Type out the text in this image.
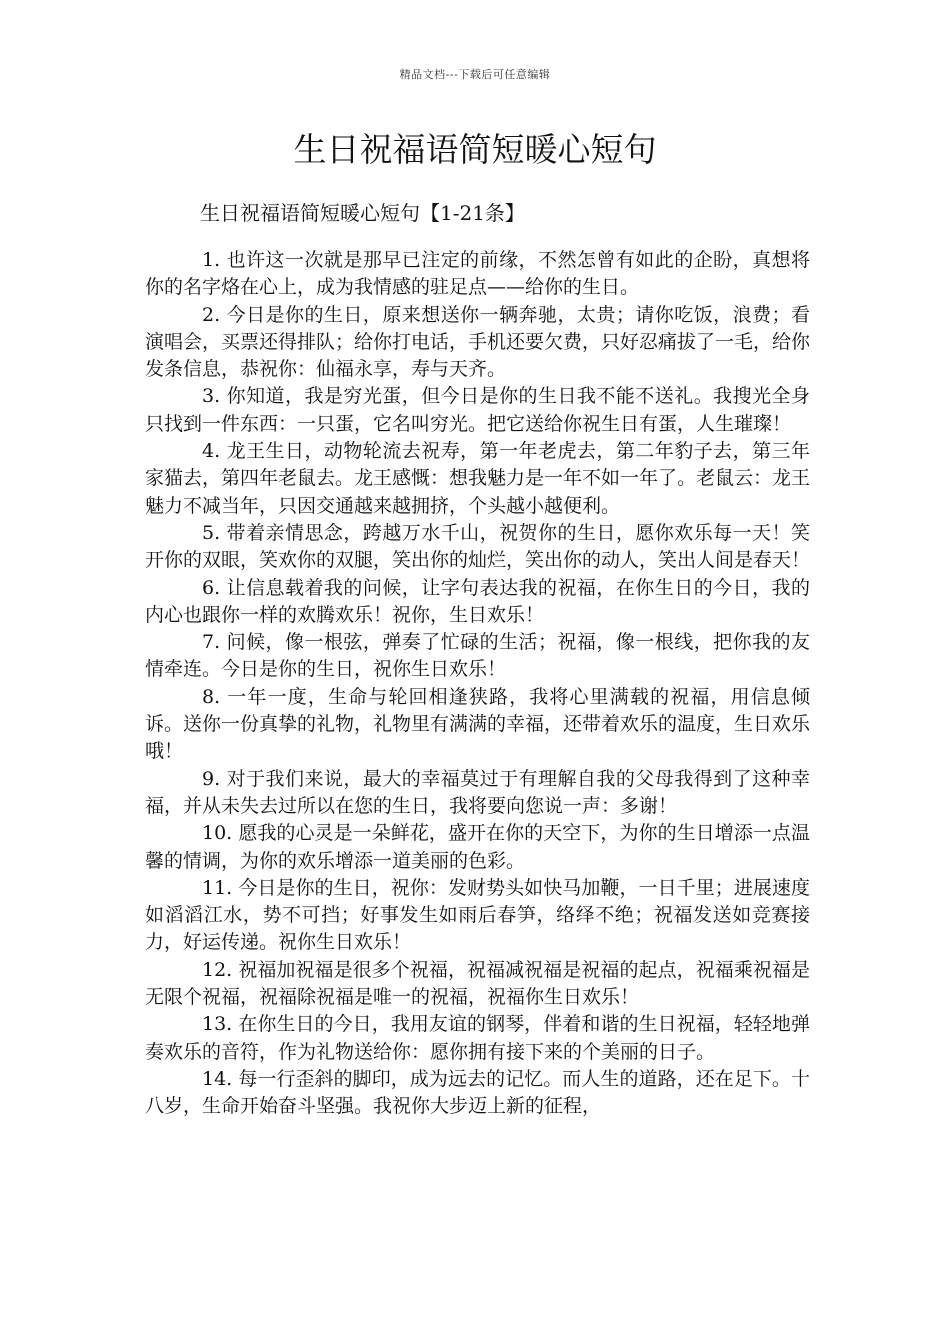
精品文档---下载后可任意编辑
生日祝福语简短暖心短句
生日祝福语简短暖心短句【1-21条】

1. 也许这一次就是那早已注定的前缘，不然怎曾有如此的企盼，真想将你的名字烙在心上，成为我情感的驻足点——给你的生日。

2. 今日是你的生日，原来想送你一辆奔驰，太贵；请你吃饭，浪费；看演唱会，买票还得排队；给你打电话，手机还要欠费，只好忍痛拔了一毛，给你发条信息，恭祝你：仙福永享，寿与天齐。

3. 你知道，我是穷光蛋，但今日是你的生日我不能不送礼。我搜光全身只找到一件东西：一只蛋，它名叫穷光。把它送给你祝生日有蛋，人生璀璨！

4. 龙王生日，动物轮流去祝寿，第一年老虎去，第二年豹子去，第三年家猫去，第四年老鼠去。龙王感慨：想我魅力是一年不如一年了。老鼠云：龙王魅力不减当年，只因交通越来越拥挤，个头越小越便利。

5. 带着亲情思念，跨越万水千山，祝贺你的生日，愿你欢乐每一天！笑开你的双眼，笑欢你的双腿，笑出你的灿烂，笑出你的动人，笑出人间是春天！

6. 让信息载着我的问候，让字句表达我的祝福，在你生日的今日，我的内心也跟你一样的欢腾欢乐！祝你，生日欢乐！

7. 问候，像一根弦，弹奏了忙碌的生活；祝福，像一根线，把你我的友情牵连。今日是你的生日，祝你生日欢乐！

8. 一年一度，生命与轮回相逢狭路，我将心里满载的祝福，用信息倾诉。送你一份真挚的礼物，礼物里有满满的幸福，还带着欢乐的温度，生日欢乐哦！

9. 对于我们来说，最大的幸福莫过于有理解自我的父母我得到了这种幸福，并从未失去过所以在您的生日，我将要向您说一声：多谢！

10. 愿我的心灵是一朵鲜花，盛开在你的天空下，为你的生日增添一点温馨的情调，为你的欢乐增添一道美丽的色彩。

11. 今日是你的生日，祝你：发财势头如快马加鞭，一日千里；进展速度如滔滔江水，势不可挡；好事发生如雨后春笋，络绎不绝；祝福发送如竞赛接力，好运传递。祝你生日欢乐！

12. 祝福加祝福是很多个祝福，祝福减祝福是祝福的起点，祝福乘祝福是无限个祝福，祝福除祝福是唯一的祝福，祝福你生日欢乐！

13. 在你生日的今日，我用友谊的钢琴，伴着和谐的生日祝福，轻轻地弹奏欢乐的音符，作为礼物送给你：愿你拥有接下来的个美丽的日子。

14. 每一行歪斜的脚印，成为远去的记忆。而人生的道路，还在足下。十八岁，生命开始奋斗坚强。我祝你大步迈上新的征程，
